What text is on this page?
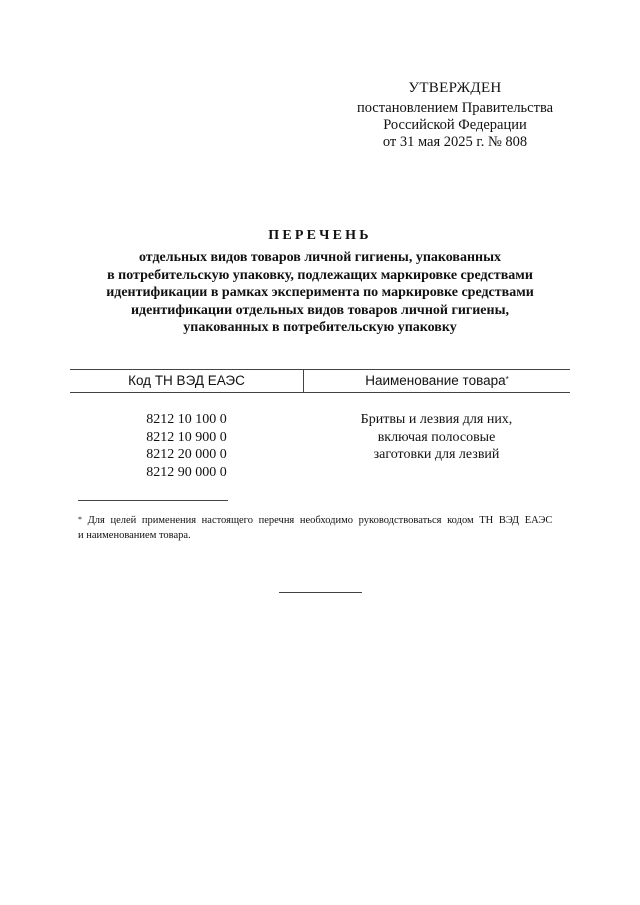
УТВЕРЖДЕН
постановлением Правительства
Российской Федерации
от 31 мая 2025 г. № 808
ПЕРЕЧЕНЬ
отдельных видов товаров личной гигиены, упакованных
в потребительскую упаковку, подлежащих маркировке средствами
идентификации в рамках эксперимента по маркировке средствами
идентификации отдельных видов товаров личной гигиены,
упакованных в потребительскую упаковку
Код ТН ВЭД ЕАЭС	Наименование товара*
8212 10 100 0
8212 10 900 0
8212 20 000 0
8212 90 000 0
Бритвы и лезвия для них,
включая полосовые
заготовки для лезвий
* Для целей применения настоящего перечня необходимо руководствоваться кодом ТН ВЭД ЕАЭС
и наименованием товара.
